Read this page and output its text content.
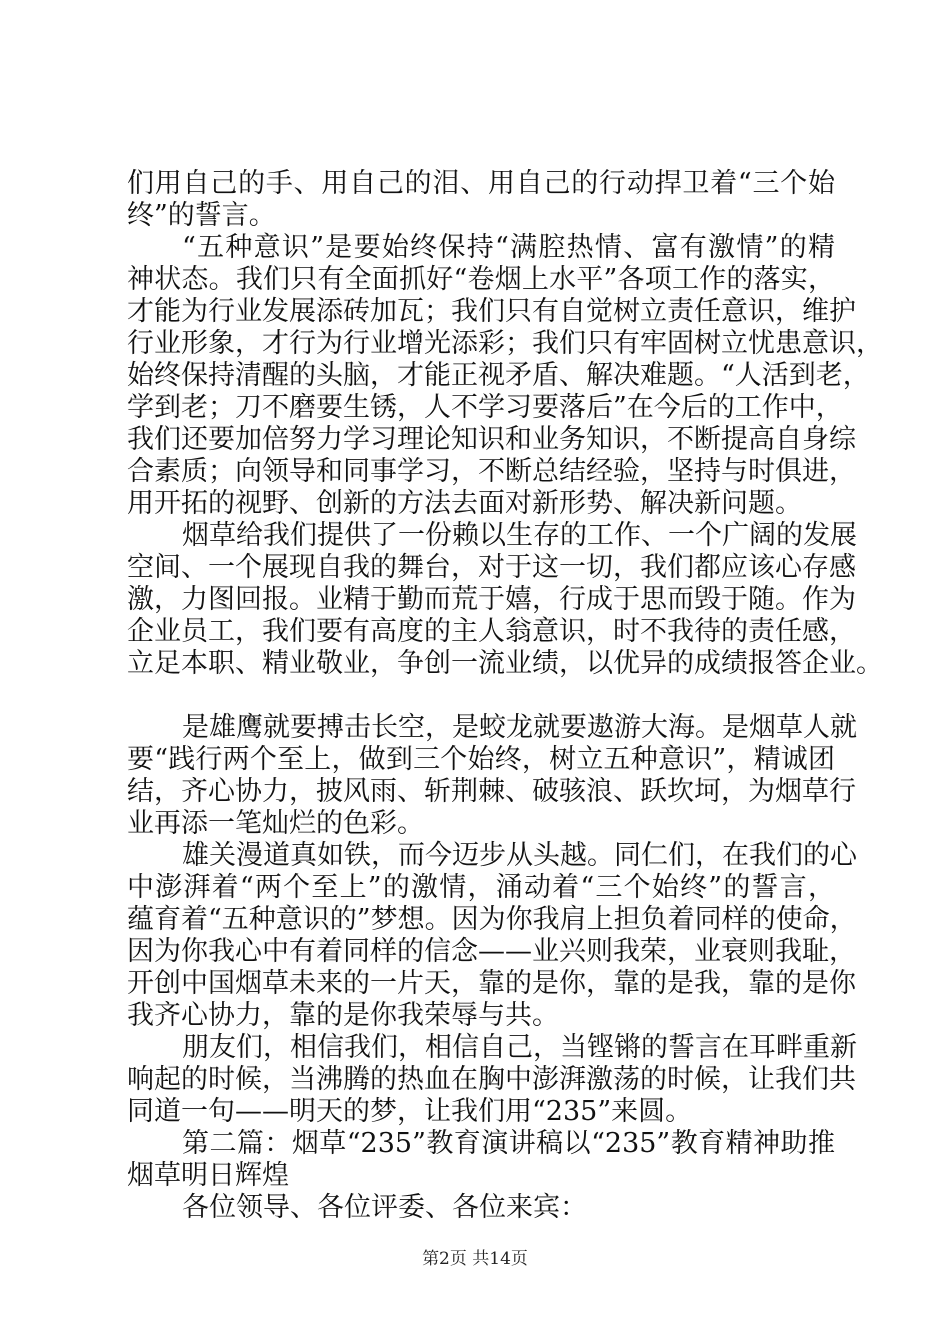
们用自己的手、用自己的泪、用自己的行动捍卫着“三个始
终”的誓言。
“五种意识”是要始终保持“满腔热情、富有激情”的精
神状态。我们只有全面抓好“卷烟上水平”各项工作的落实，
才能为行业发展添砖加瓦；我们只有自觉树立责任意识，维护
行业形象，才行为行业增光添彩；我们只有牢固树立忧患意识，
始终保持清醒的头脑，才能正视矛盾、解决难题。“人活到老，
学到老；刀不磨要生锈，人不学习要落后”在今后的工作中，
我们还要加倍努力学习理论知识和业务知识，不断提高自身综
合素质；向领导和同事学习，不断总结经验，坚持与时俱进，
用开拓的视野、创新的方法去面对新形势、解决新问题。
烟草给我们提供了一份赖以生存的工作、一个广阔的发展
空间、一个展现自我的舞台，对于这一切，我们都应该心存感
激，力图回报。业精于勤而荒于嬉，行成于思而毁于随。作为
企业员工，我们要有高度的主人翁意识，时不我待的责任感，
立足本职、精业敬业，争创一流业绩，以优异的成绩报答企业。
是雄鹰就要搏击长空，是蛟龙就要遨游大海。是烟草人就
要“践行两个至上，做到三个始终，树立五种意识”，精诚团
结，齐心协力，披风雨、斩荆棘、破骇浪、跃坎坷，为烟草行
业再添一笔灿烂的色彩。
雄关漫道真如铁，而今迈步从头越。同仁们，在我们的心
中澎湃着“两个至上”的激情，涌动着“三个始终”的誓言，
蕴育着“五种意识的”梦想。因为你我肩上担负着同样的使命，
因为你我心中有着同样的信念——业兴则我荣，业衰则我耻，
开创中国烟草未来的一片天，靠的是你，靠的是我，靠的是你
我齐心协力，靠的是你我荣辱与共。
朋友们，相信我们，相信自己，当铿锵的誓言在耳畔重新
响起的时候，当沸腾的热血在胸中澎湃激荡的时候，让我们共
同道一句——明天的梦，让我们用“235”来圆。
第二篇：烟草“235”教育演讲稿以“235”教育精神助推
烟草明日辉煌
各位领导、各位评委、各位来宾：
第2页 共14页
